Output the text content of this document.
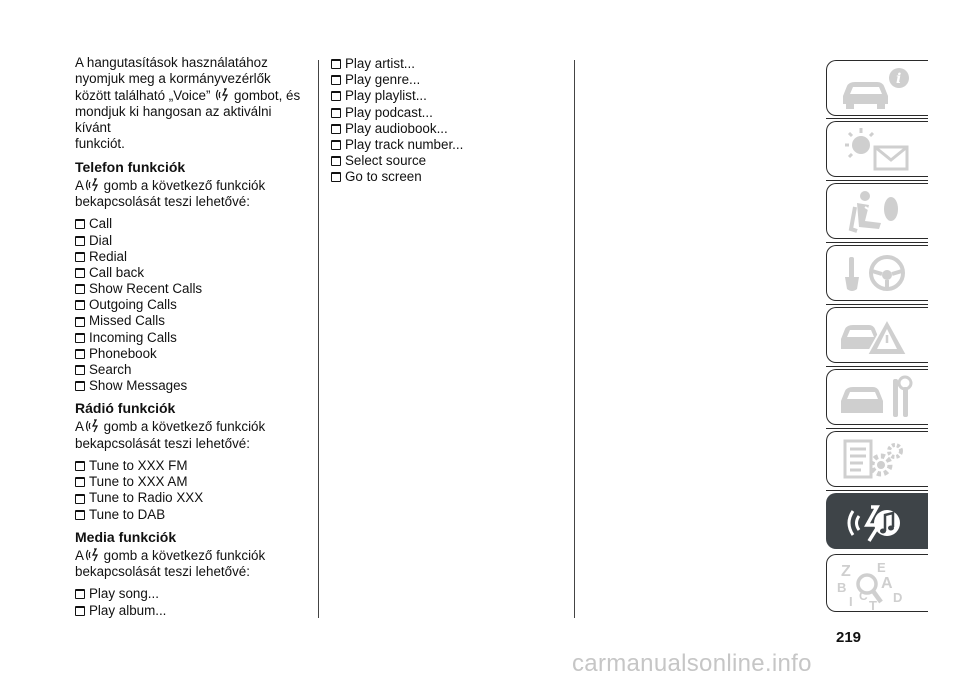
A hangutasítások használatához
nyomjuk meg a kormányvezérlők
között található „Voice” gombot, és
mondjuk ki hangosan az aktiválni kívánt
funkciót.

Telefon funkciók

A gomb a következő funkciók
bekapcsolását teszi lehetővé:

Call
Dial
Redial
Call back
Show Recent Calls
Outgoing Calls
Missed Calls
Incoming Calls
Phonebook
Search
Show Messages
Rádió funkciók

A gomb a következő funkciók
bekapcsolását teszi lehetővé:

Tune to XXX FM
Tune to XXX AM
Tune to Radio XXX
Tune to DAB
Media funkciók

A gomb a következő funkciók
bekapcsolását teszi lehetővé:

Play song...
Play album...
Play artist...
Play genre...
Play playlist...
Play podcast...
Play audiobook...
Play track number...
Select source
Go to screen
i
Z E
A
B
D
I C
T
219
carmanualsonline.info
